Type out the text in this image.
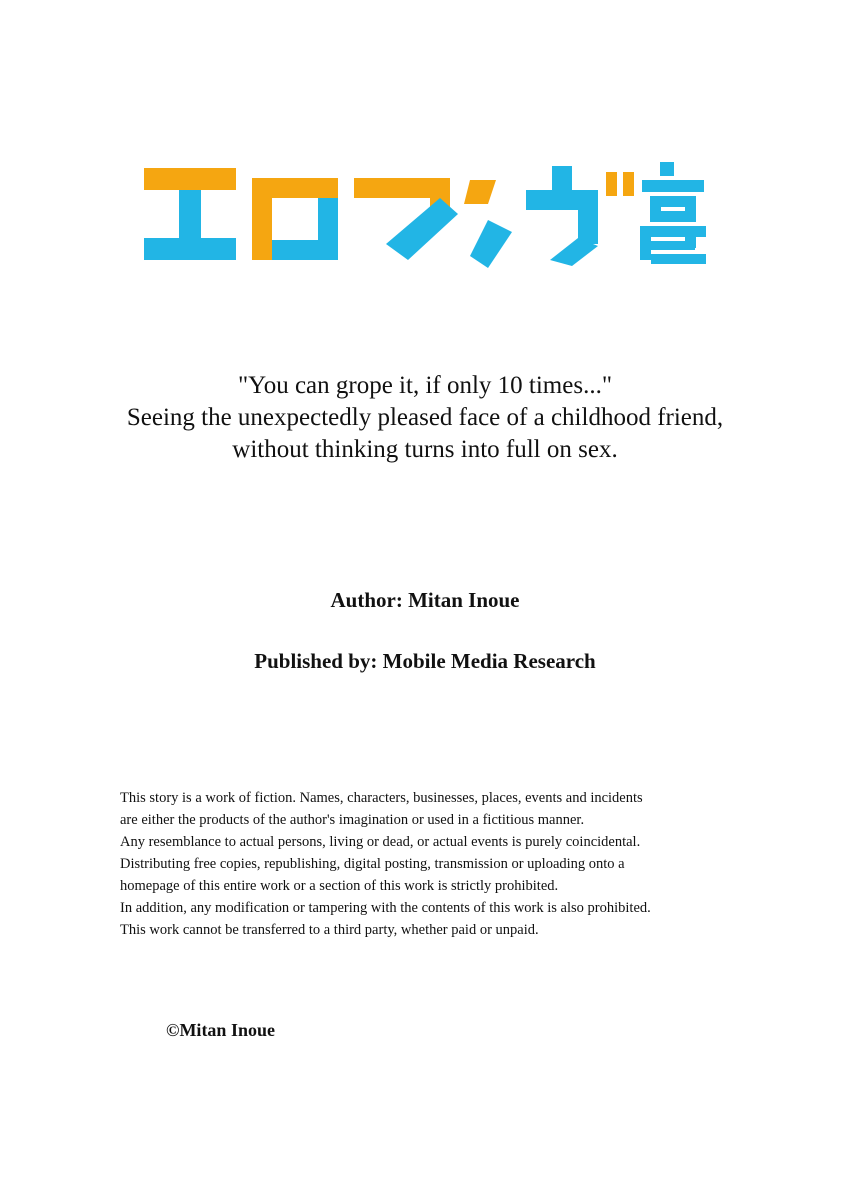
"You can grope it, if only 10 times..."
Seeing the unexpectedly pleased face of a childhood friend,
without thinking turns into full on sex.
Author: Mitan Inoue
Published by: Mobile Media Research

This story is a work of fiction. Names, characters, businesses, places, events and incidents

are either the products of the author's imagination or used in a fictitious manner.

Any resemblance to actual persons, living or dead, or actual events is purely coincidental.

Distributing free copies, republishing, digital posting, transmission or uploading onto a

homepage of this entire work or a section of this work is strictly prohibited.

In addition, any modification or tampering with the contents of this work is also prohibited.

This work cannot be transferred to a third party, whether paid or unpaid.

©Mitan Inoue
